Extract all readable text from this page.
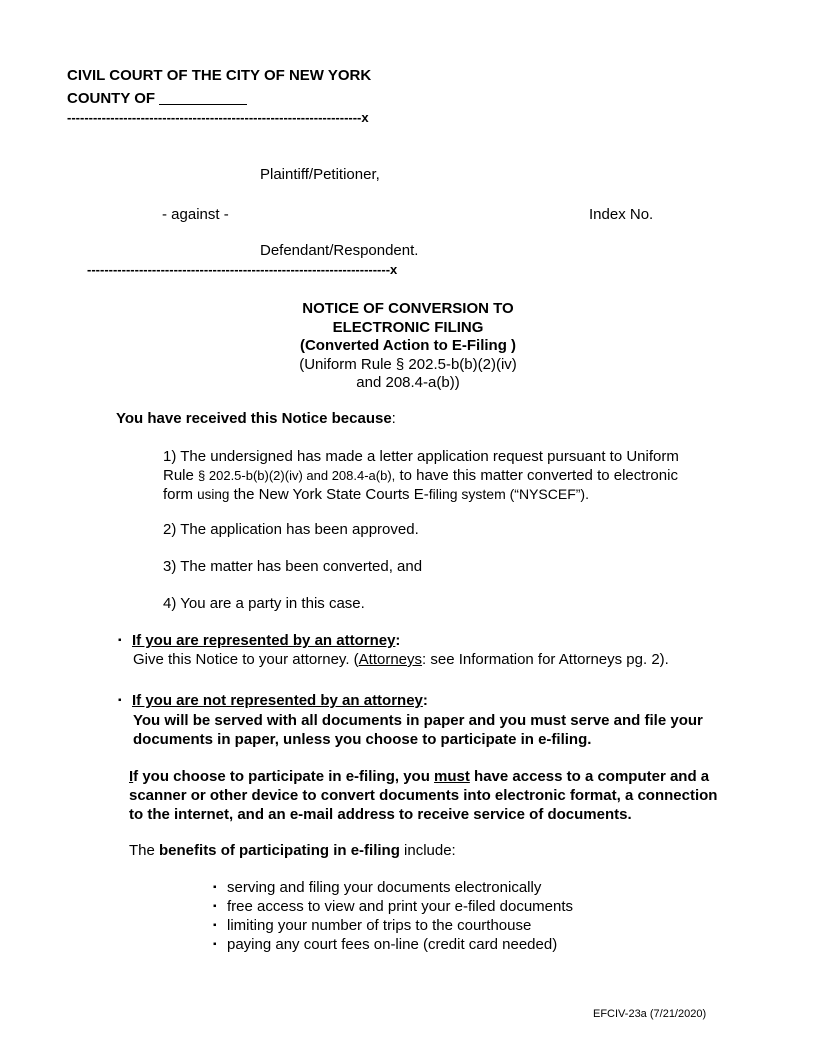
CIVIL COURT OF THE CITY OF NEW YORK
COUNTY OF
--------------------------------------------------------------------x
Plaintiff/Petitioner,
- against -	Index No.
Defendant/Respondent.
----------------------------------------------------------------------x
NOTICE OF CONVERSION TO
ELECTRONIC FILING
(Converted Action to E-Filing )
(Uniform Rule § 202.5-b(b)(2)(iv)
and 208.4-a(b))
You have received this Notice because:
1) The undersigned has made a letter application request pursuant to Uniform
Rule § 202.5-b(b)(2)(iv) and 208.4-a(b), to have this matter converted to electronic
form using the New York State Courts E-filing system (“NYSCEF”).
2) The application has been approved.
3) The matter has been converted, and
4) You are a party in this case.
▪ If you are represented by an attorney:
Give this Notice to your attorney. (Attorneys: see Information for Attorneys pg. 2).
▪ If you are not represented by an attorney:
You will be served with all documents in paper and you must serve and file your
documents in paper, unless you choose to participate in e-filing.
If you choose to participate in e-filing, you must have access to a computer and a
scanner or other device to convert documents into electronic format, a connection
to the internet, and an e-mail address to receive service of documents.
The benefits of participating in e-filing include:

▪ serving and filing your documents electronically

▪ free access to view and print your e-filed documents

▪ limiting your number of trips to the courthouse

▪ paying any court fees on-line (credit card needed)

EFCIV-23a (7/21/2020)
